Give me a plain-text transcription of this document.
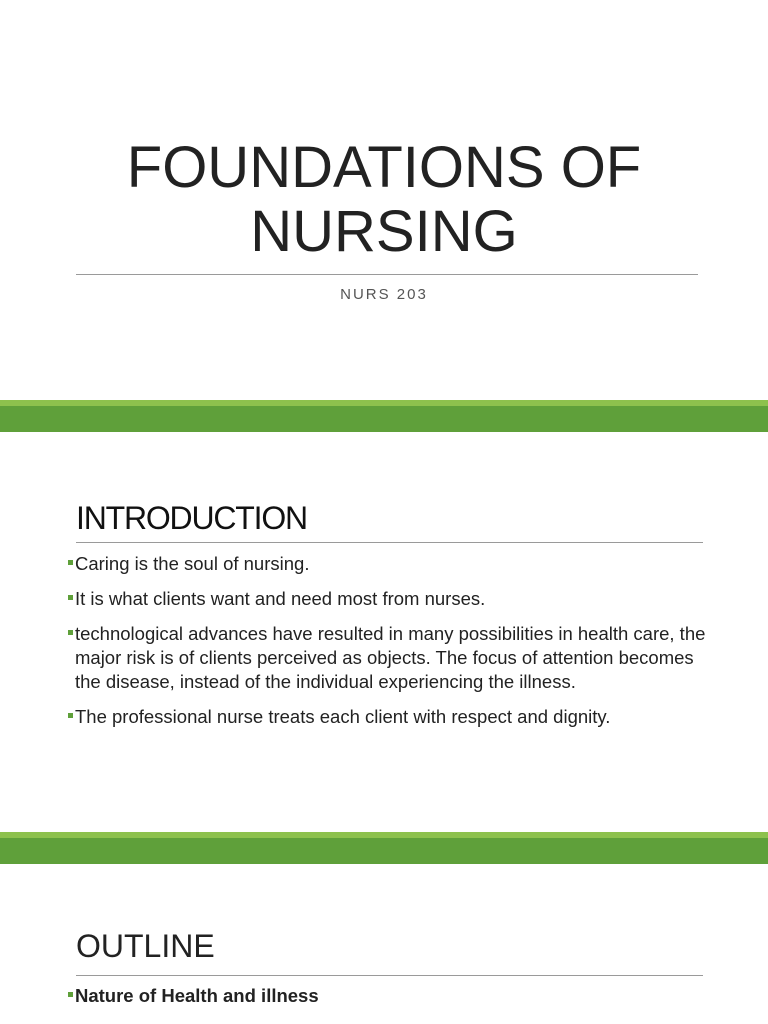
FOUNDATIONS OF
NURSING
NURS 203
INTRODUCTION
Caring is the soul of nursing.
It is what clients want and need most from nurses.
technological advances have resulted in many possibilities in health care, the major risk is of clients perceived as objects. The focus of attention becomes the disease, instead of the individual experiencing the illness.
The professional nurse treats each client with respect and dignity.
OUTLINE
Nature of Health and illness
